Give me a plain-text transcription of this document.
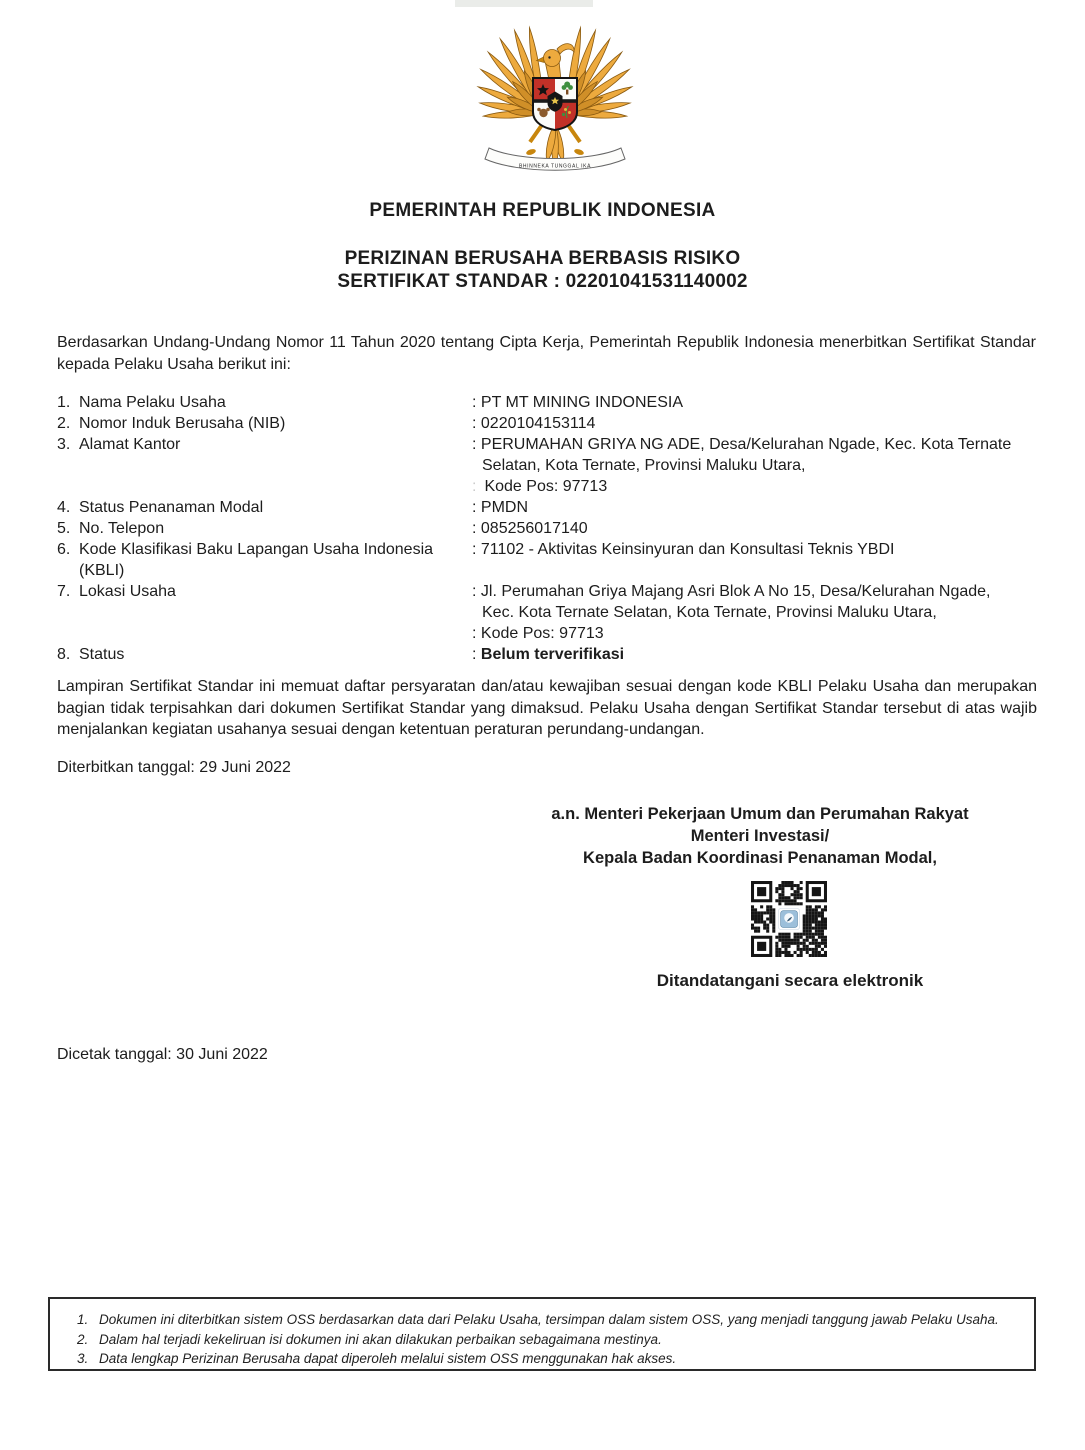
BHINNEKA TUNGGAL IKA
PEMERINTAH REPUBLIK INDONESIA
PERIZINAN BERUSAHA BERBASIS RISIKO
SERTIFIKAT STANDAR : 02201041531140002
Berdasarkan Undang-Undang Nomor 11 Tahun 2020 tentang Cipta Kerja, Pemerintah Republik Indonesia menerbitkan Sertifikat Standar kepada Pelaku Usaha berikut ini:
1. Nama Pelaku Usaha	: PT MT MINING INDONESIA
2. Nomor Induk Berusaha (NIB)	: 0220104153114
3. Alamat Kantor	: PERUMAHAN GRIYA NG ADE, Desa/Kelurahan Ngade, Kec. Kota Ternate
Selatan, Kota Ternate, Provinsi Maluku Utara,
: Kode Pos: 97713
4. Status Penanaman Modal	: PMDN
5. No. Telepon	: 085256017140
6. Kode Klasifikasi Baku Lapangan Usaha Indonesia
(KBLI)
: 71102 - Aktivitas Keinsinyuran dan Konsultasi Teknis YBDI
7. Lokasi Usaha	: Jl. Perumahan Griya Majang Asri Blok A No 15, Desa/Kelurahan Ngade,
Kec. Kota Ternate Selatan, Kota Ternate, Provinsi Maluku Utara,
: Kode Pos: 97713
8. Status	: Belum terverifikasi
Lampiran Sertifikat Standar ini memuat daftar persyaratan dan/atau kewajiban sesuai dengan kode KBLI Pelaku Usaha dan merupakan bagian tidak terpisahkan dari dokumen Sertifikat Standar yang dimaksud. Pelaku Usaha dengan Sertifikat Standar tersebut di atas wajib menjalankan kegiatan usahanya sesuai dengan ketentuan peraturan perundang-undangan.
Diterbitkan tanggal: 29 Juni 2022
a.n. Menteri Pekerjaan Umum dan Perumahan Rakyat
Menteri Investasi/
Kepala Badan Koordinasi Penanaman Modal,
Ditandatangani secara elektronik
Dicetak tanggal: 30 Juni 2022
1. Dokumen ini diterbitkan sistem OSS berdasarkan data dari Pelaku Usaha, tersimpan dalam sistem OSS, yang menjadi tanggung jawab Pelaku Usaha.
2. Dalam hal terjadi kekeliruan isi dokumen ini akan dilakukan perbaikan sebagaimana mestinya.
3. Data lengkap Perizinan Berusaha dapat diperoleh melalui sistem OSS menggunakan hak akses.
